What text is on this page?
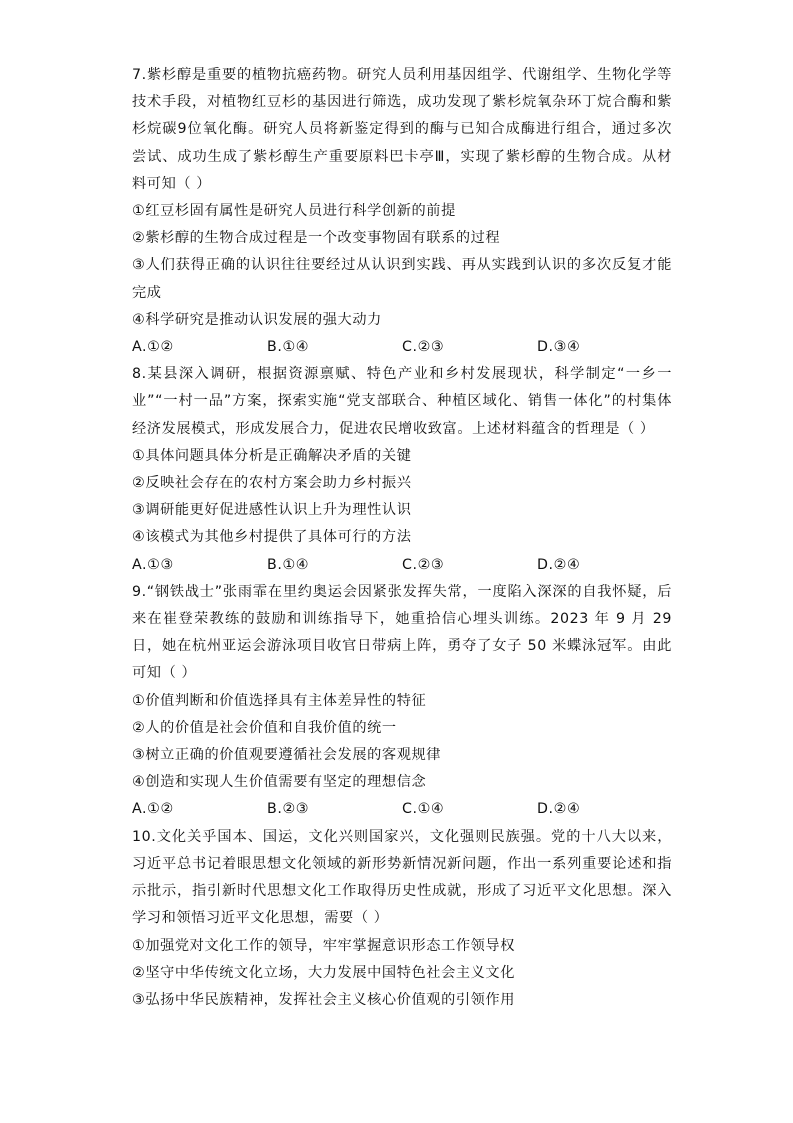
7.紫杉醇是重要的植物抗癌药物。研究人员利用基因组学、代谢组学、生物化学等技术手段，对植物红豆杉的基因进行筛选，成功发现了紫杉烷氧杂环丁烷合酶和紫杉烷碳9位氧化酶。研究人员将新鉴定得到的酶与已知合成酶进行组合，通过多次尝试、成功生成了紫杉醇生产重要原料巴卡亭Ⅲ，实现了紫杉醇的生物合成。从材料可知（ ）

①红豆杉固有属性是研究人员进行科学创新的前提

②紫杉醇的生物合成过程是一个改变事物固有联系的过程

③人们获得正确的认识往往要经过从认识到实践、再从实践到认识的多次反复才能完成

④科学研究是推动认识发展的强大动力

A.①②	B.①④	C.②③	D.③④

8.某县深入调研，根据资源禀赋、特色产业和乡村发展现状，科学制定“一乡一业”“一村一品”方案，探索实施“党支部联合、种植区域化、销售一体化”的村集体经济发展模式，形成发展合力，促进农民增收致富。上述材料蕴含的哲理是（ ）

①具体问题具体分析是正确解决矛盾的关键

②反映社会存在的农村方案会助力乡村振兴

③调研能更好促进感性认识上升为理性认识

④该模式为其他乡村提供了具体可行的方法

A.①③	B.①④	C.②③	D.②④

9.“钢铁战士”张雨霏在里约奥运会因紧张发挥失常，一度陷入深深的自我怀疑，后来在崔登荣教练的鼓励和训练指导下，她重拾信心埋头训练。2023 年 9 月 29 日，她在杭州亚运会游泳项目收官日带病上阵，勇夺了女子 50 米蝶泳冠军。由此可知（ ）

①价值判断和价值选择具有主体差异性的特征

②人的价值是社会价值和自我价值的统一

③树立正确的价值观要遵循社会发展的客观规律

④创造和实现人生价值需要有坚定的理想信念

A.①②	B.②③	C.①④	D.②④

10.文化关乎国本、国运，文化兴则国家兴，文化强则民族强。党的十八大以来，习近平总书记着眼思想文化领域的新形势新情况新问题，作出一系列重要论述和指示批示，指引新时代思想文化工作取得历史性成就，形成了习近平文化思想。深入学习和领悟习近平文化思想，需要（ ）

①加强党对文化工作的领导，牢牢掌握意识形态工作领导权

②坚守中华传统文化立场，大力发展中国特色社会主义文化

③弘扬中华民族精神，发挥社会主义核心价值观的引领作用
